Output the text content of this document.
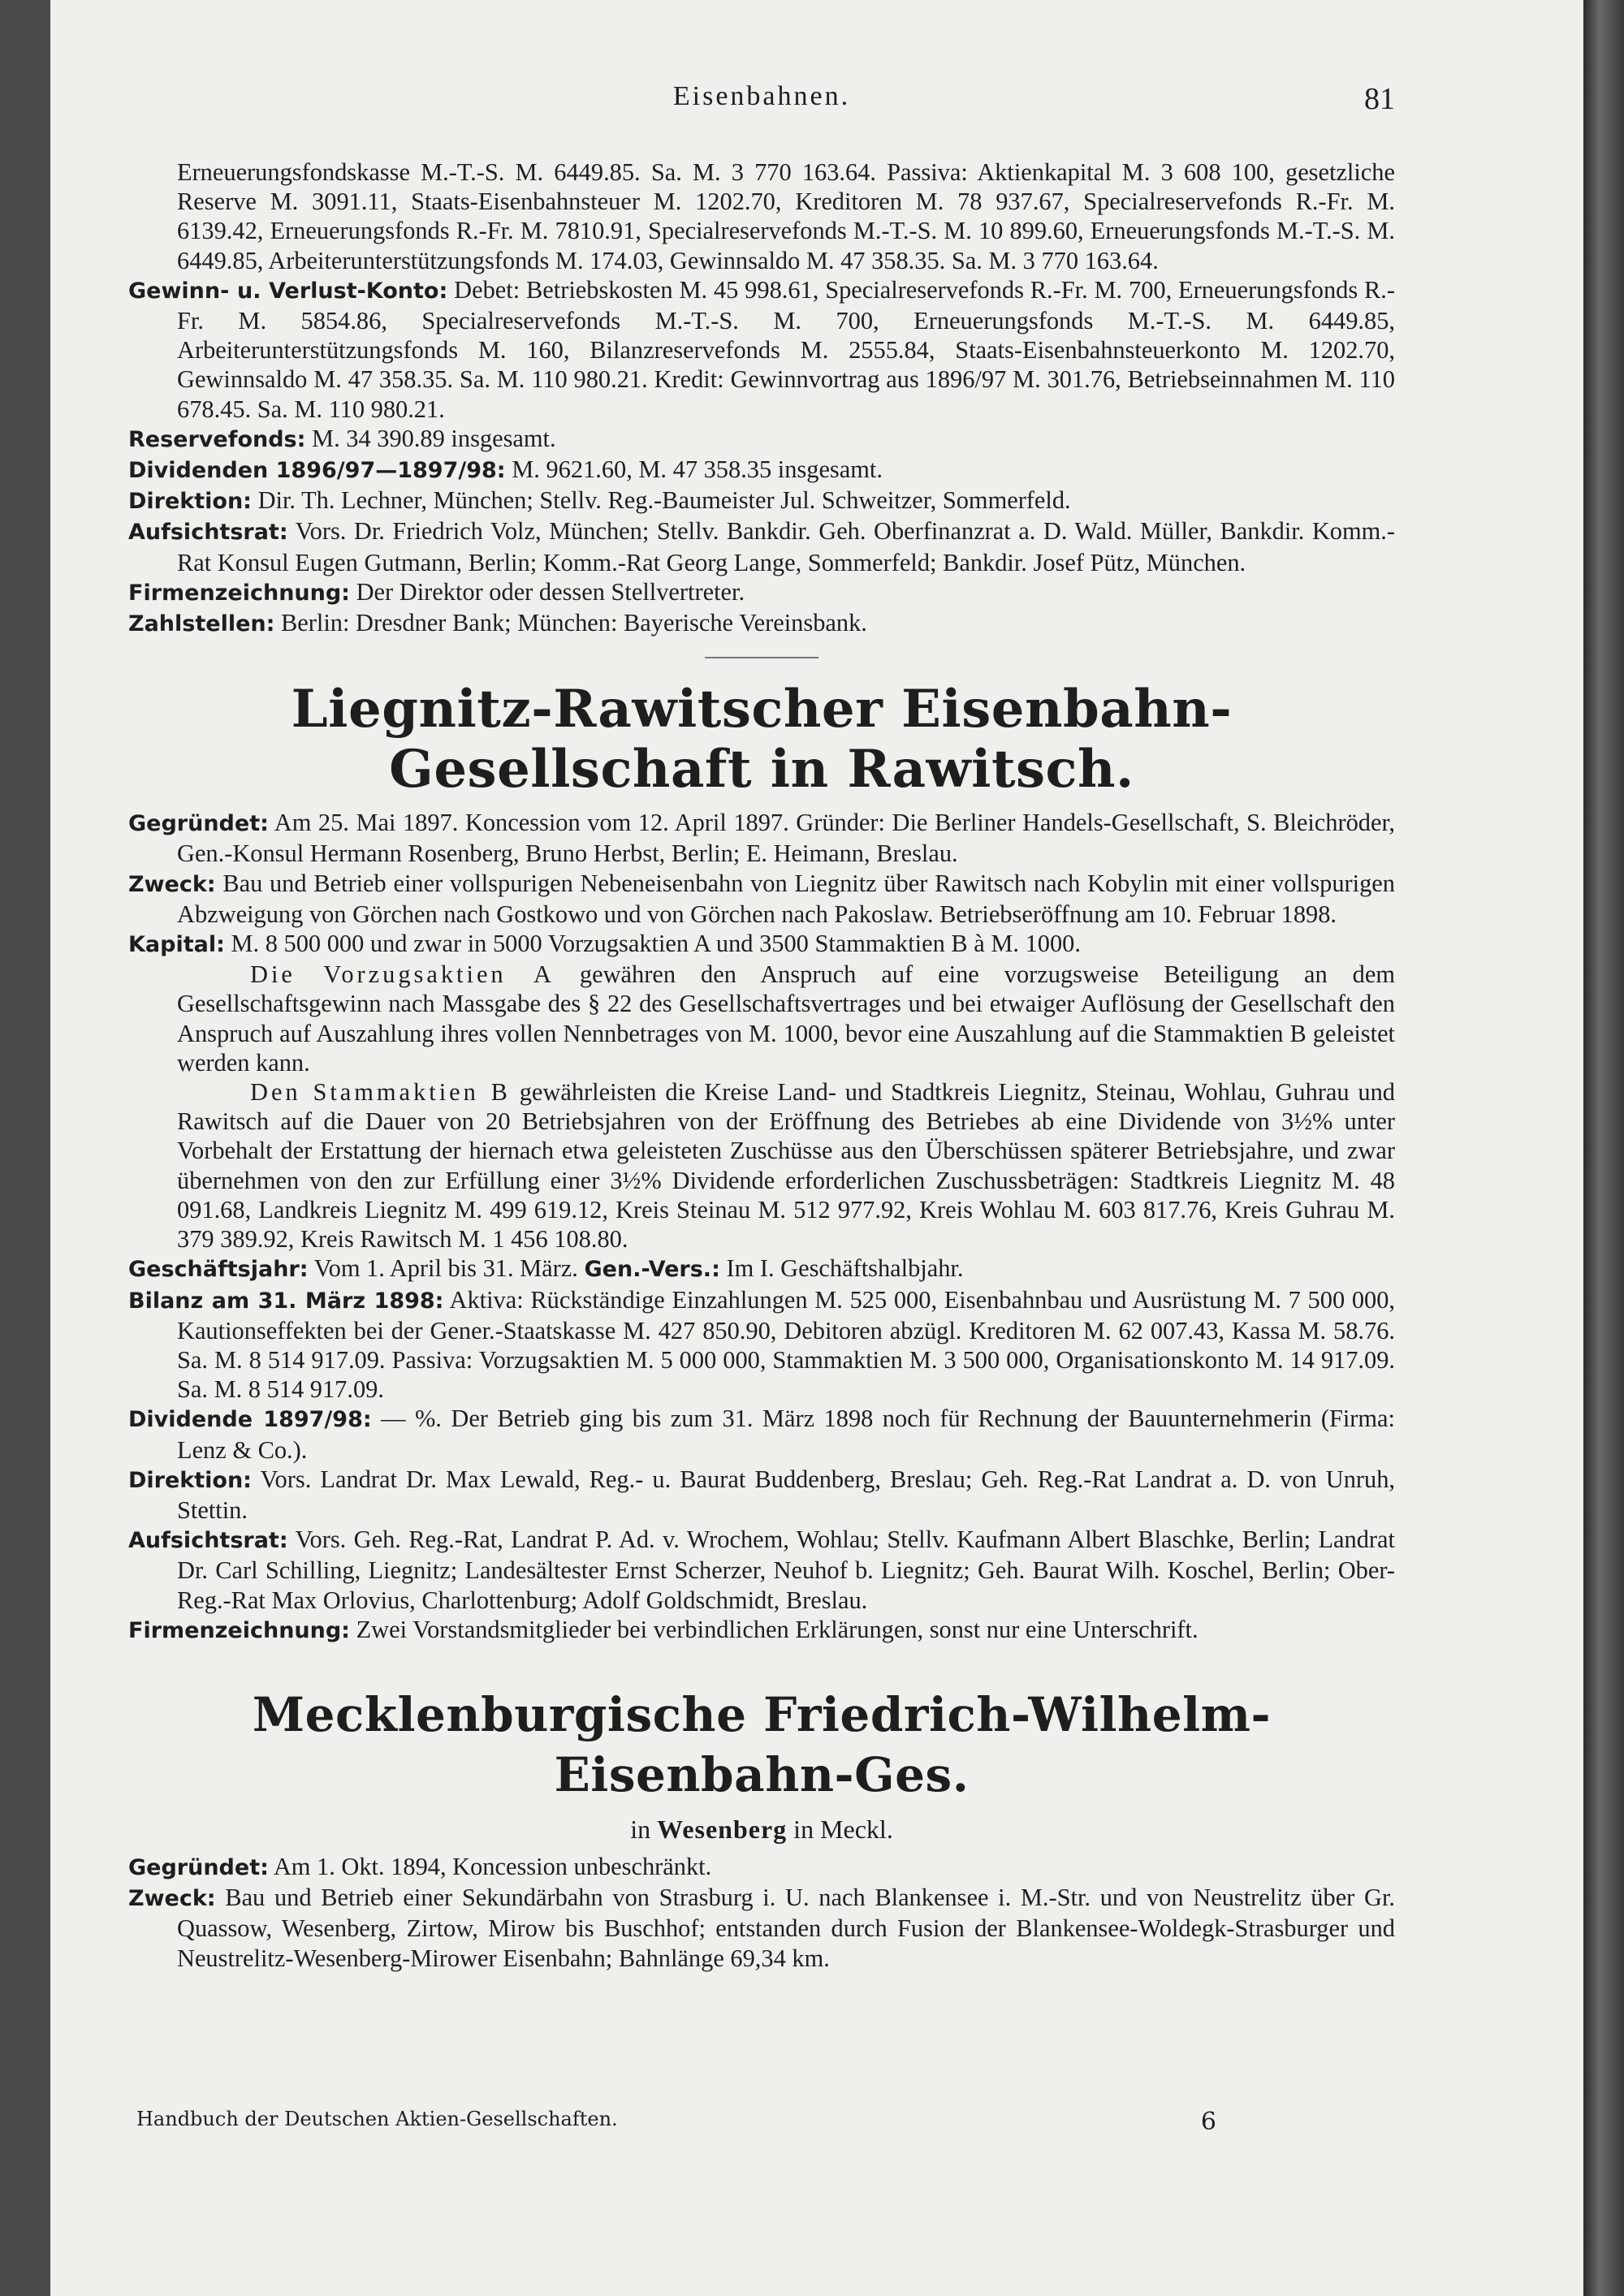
Eisenbahnen.	81

Erneuerungsfondskasse M.-T.-S. M. 6449.85. Sa. M. 3 770 163.64. Passiva: Aktienkapital M. 3 608 100, gesetzliche Reserve M. 3091.11, Staats-Eisenbahnsteuer M. 1202.70, Kreditoren M. 78 937.67, Specialreservefonds R.-Fr. M. 6139.42, Erneuerungsfonds R.-Fr. M. 7810.91, Specialreservefonds M.-T.-S. M. 10 899.60, Erneuerungsfonds M.-T.-S. M. 6449.85, Arbeiterunterstützungsfonds M. 174.03, Gewinnsaldo M. 47 358.35. Sa. M. 3 770 163.64.

Gewinn- u. Verlust-Konto: Debet: Betriebskosten M. 45 998.61, Specialreservefonds R.-Fr. M. 700, Erneuerungsfonds R.-Fr. M. 5854.86, Specialreservefonds M.-T.-S. M. 700, Erneuerungsfonds M.-T.-S. M. 6449.85, Arbeiterunterstützungsfonds M. 160, Bilanzreservefonds M. 2555.84, Staats-Eisenbahnsteuerkonto M. 1202.70, Gewinnsaldo M. 47 358.35. Sa. M. 110 980.21. Kredit: Gewinnvortrag aus 1896/97 M. 301.76, Betriebseinnahmen M. 110 678.45. Sa. M. 110 980.21.

Reservefonds: M. 34 390.89 insgesamt.

Dividenden 1896/97—1897/98: M. 9621.60, M. 47 358.35 insgesamt.

Direktion: Dir. Th. Lechner, München; Stellv. Reg.-Baumeister Jul. Schweitzer, Sommerfeld.

Aufsichtsrat: Vors. Dr. Friedrich Volz, München; Stellv. Bankdir. Geh. Oberfinanzrat a. D. Wald. Müller, Bankdir. Komm.-Rat Konsul Eugen Gutmann, Berlin; Komm.-Rat Georg Lange, Sommerfeld; Bankdir. Josef Pütz, München.

Firmenzeichnung: Der Direktor oder dessen Stellvertreter.

Zahlstellen: Berlin: Dresdner Bank; München: Bayerische Vereinsbank.

Liegnitz-Rawitscher Eisenbahn-Gesellschaft in Rawitsch.

Gegründet: Am 25. Mai 1897. Koncession vom 12. April 1897. Gründer: Die Berliner Handels-Gesellschaft, S. Bleichröder, Gen.-Konsul Hermann Rosenberg, Bruno Herbst, Berlin; E. Heimann, Breslau.

Zweck: Bau und Betrieb einer vollspurigen Nebeneisenbahn von Liegnitz über Rawitsch nach Kobylin mit einer vollspurigen Abzweigung von Görchen nach Gostkowo und von Görchen nach Pakoslaw. Betriebseröffnung am 10. Februar 1898.

Kapital: M. 8 500 000 und zwar in 5000 Vorzugsaktien A und 3500 Stammaktien B à M. 1000.

Die Vorzugsaktien A gewähren den Anspruch auf eine vorzugsweise Beteiligung an dem Gesellschaftsgewinn nach Massgabe des § 22 des Gesellschaftsvertrages und bei etwaiger Auflösung der Gesellschaft den Anspruch auf Auszahlung ihres vollen Nennbetrages von M. 1000, bevor eine Auszahlung auf die Stammaktien B geleistet werden kann.

Den Stammaktien B gewährleisten die Kreise Land- und Stadtkreis Liegnitz, Steinau, Wohlau, Guhrau und Rawitsch auf die Dauer von 20 Betriebsjahren von der Eröffnung des Betriebes ab eine Dividende von 3½% unter Vorbehalt der Erstattung der hiernach etwa geleisteten Zuschüsse aus den Überschüssen späterer Betriebsjahre, und zwar übernehmen von den zur Erfüllung einer 3½% Dividende erforderlichen Zuschussbeträgen: Stadtkreis Liegnitz M. 48 091.68, Landkreis Liegnitz M. 499 619.12, Kreis Steinau M. 512 977.92, Kreis Wohlau M. 603 817.76, Kreis Guhrau M. 379 389.92, Kreis Rawitsch M. 1 456 108.80.

Geschäftsjahr: Vom 1. April bis 31. März. Gen.-Vers.: Im I. Geschäftshalbjahr.

Bilanz am 31. März 1898: Aktiva: Rückständige Einzahlungen M. 525 000, Eisenbahnbau und Ausrüstung M. 7 500 000, Kautionseffekten bei der Gener.-Staatskasse M. 427 850.90, Debitoren abzügl. Kreditoren M. 62 007.43, Kassa M. 58.76. Sa. M. 8 514 917.09. Passiva: Vorzugsaktien M. 5 000 000, Stammaktien M. 3 500 000, Organisationskonto M. 14 917.09. Sa. M. 8 514 917.09.

Dividende 1897/98: — %. Der Betrieb ging bis zum 31. März 1898 noch für Rechnung der Bauunternehmerin (Firma: Lenz & Co.).

Direktion: Vors. Landrat Dr. Max Lewald, Reg.- u. Baurat Buddenberg, Breslau; Geh. Reg.-Rat Landrat a. D. von Unruh, Stettin.

Aufsichtsrat: Vors. Geh. Reg.-Rat, Landrat P. Ad. v. Wrochem, Wohlau; Stellv. Kaufmann Albert Blaschke, Berlin; Landrat Dr. Carl Schilling, Liegnitz; Landesältester Ernst Scherzer, Neuhof b. Liegnitz; Geh. Baurat Wilh. Koschel, Berlin; Ober-Reg.-Rat Max Orlovius, Charlottenburg; Adolf Goldschmidt, Breslau.

Firmenzeichnung: Zwei Vorstandsmitglieder bei verbindlichen Erklärungen, sonst nur eine Unterschrift.

Mecklenburgische Friedrich-Wilhelm-Eisenbahn-Ges.

in Wesenberg in Meckl.

Gegründet: Am 1. Okt. 1894, Koncession unbeschränkt.

Zweck: Bau und Betrieb einer Sekundärbahn von Strasburg i. U. nach Blankensee i. M.-Str. und von Neustrelitz über Gr. Quassow, Wesenberg, Zirtow, Mirow bis Buschhof; entstanden durch Fusion der Blankensee-Woldegk-Strasburger und Neustrelitz-Wesenberg-Mirower Eisenbahn; Bahnlänge 69,34 km.

Handbuch der Deutschen Aktien-Gesellschaften.	6
